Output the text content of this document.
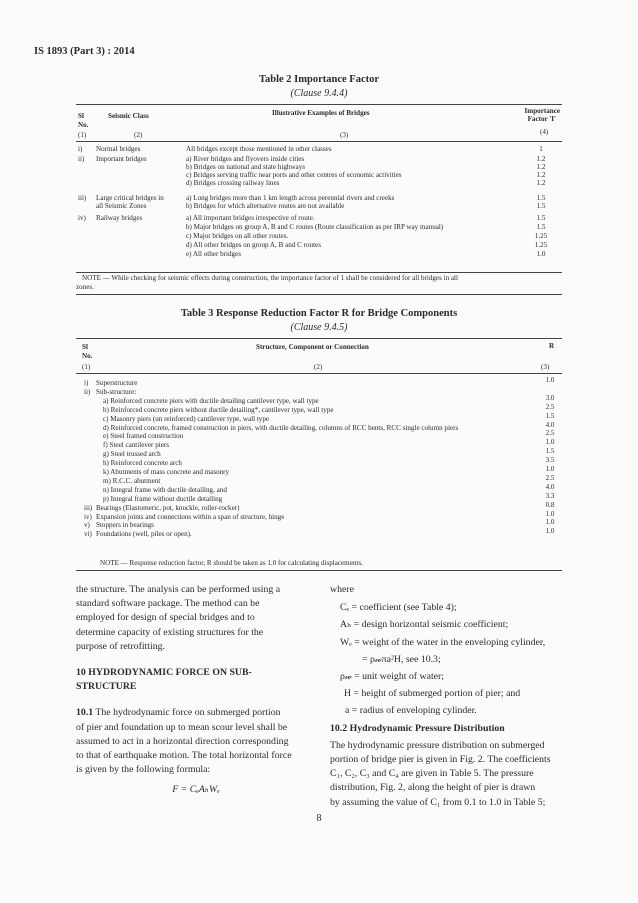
IS 1893 (Part 3) : 2014
Table 2 Importance Factor
(Clause 9.4.4)
Sl
No.
Seismic Class	Illustrative Examples of Bridges	Importance
Factor 'I'
(1)	(2)	(3)	(4)
i) Normal bridges	All bridges except those mentioned in other classes	1
ii) Important bridges	a) River bridges and flyovers inside cities	1.2
b) Bridges on national and state highways	1.2
c) Bridges serving traffic near ports and other centres of economic activities	1.2
d) Bridges crossing railway lines	1.2
iii) Large critical bridges in	a) Long bridges more than 1 km length across perennial rivers and creeks	1.5
all Seismic Zones	b) Bridges for which alternative routes are not available	1.5
iv) Railway bridges	a) All important bridges irrespective of route.	1.5
b) Major bridges on group A, B and C routes (Route classification as per IRP way manual)	1.5
c) Major bridges on all other routes.	1.25
d) All other bridges on group A, B and C routes	1.25
e) All other bridges	1.0
NOTE — While checking for seismic effects during construction, the importance factor of 1 shall be considered for all bridges in all
zones.
Table 3 Response Reduction Factor R for Bridge Components
(Clause 9.4.5)
Sl
No.
Structure, Component or Connection	R
(1)	(2)	(3)
i) Superstructure	1.0
ii) Sub-structure:
a) Reinforced concrete piers with ductile detailing cantilever type, wall type	3.0
b) Reinforced concrete piers without ductile detailing*, cantilever type, wall type	2.5
c) Masonry piers (un reinforced) cantilever type, wall type	1.5
d) Reinforced concrete, framed construction in piers, with ductile detailing, columns of RCC bents, RCC single column piers	4.0
e) Steel framed construction	2.5
f) Steel cantilever piers	1.0
g) Steel trussed arch	1.5
h) Reinforced concrete arch	3.5
k) Abutments of mass concrete and masonry	1.0
m) R.C.C. abutment	2.5
n) Integral frame with ductile detailing, and	4.0
p) Integral frame without ductile detailing	3.3
iii) Bearings (Elastomeric, pot, knuckle, roller-rocker)	0.8
iv) Expansion joints and connections within a span of structure, hinge	1.0
v) Stoppers in bearings	1.0
vi) Foundations (well, piles or open).	1.0
NOTE — Response reduction factor, R should be taken as 1.0 for calculating displacements.
the structure. The analysis can be performed using a
standard software package. The method can be
employed for design of special bridges and to
determine capacity of existing structures for the
purpose of retrofitting.
10 HYDRODYNAMIC FORCE ON SUB-
STRUCTURE
10.1 The hydrodynamic force on submerged portion
of pier and foundation up to mean scour level shall be
assumed to act in a horizontal direction corresponding
to that of earthquake motion. The total horizontal force
is given by the following formula:
F = CₑAₕWₑ
where
Cₑ = coefficient (see Table 4);
Aₕ = design horizontal seismic coefficient;
Wₑ = weight of the water in the enveloping cylinder,
= ρ𝓌πa²H, see 10.3;
ρ𝓌 = unit weight of water;
H = height of submerged portion of pier; and
a = radius of enveloping cylinder.
10.2 Hydrodynamic Pressure Distribution
The hydrodynamic pressure distribution on submerged
portion of bridge pier is given in Fig. 2. The coefficients
C₁, C₂, C₃ and C₄ are given in Table 5. The pressure
distribution, Fig. 2, along the height of pier is drawn
by assuming the value of C₁ from 0.1 to 1.0 in Table 5;
8
